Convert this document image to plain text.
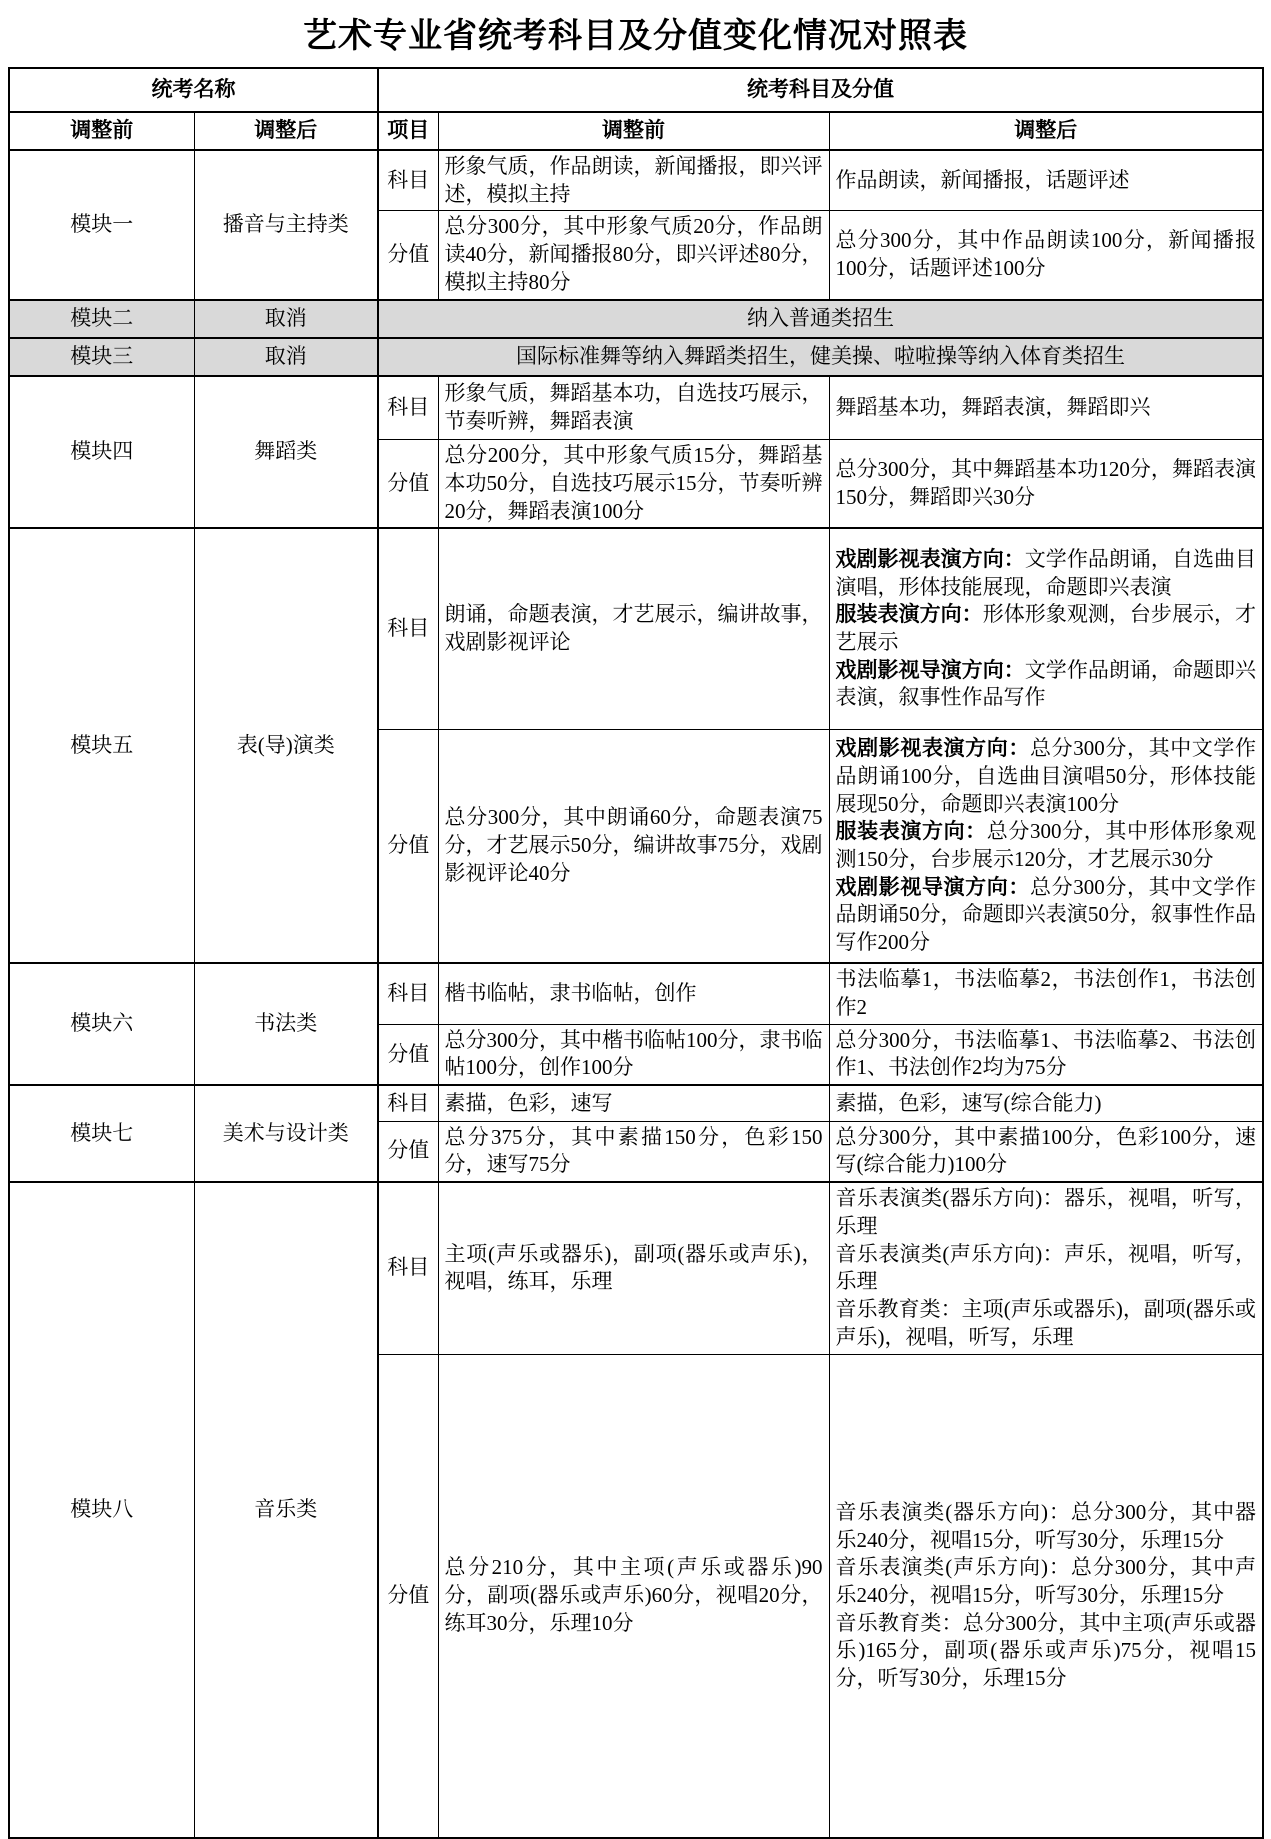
艺术专业省统考科目及分值变化情况对照表
统考名称		统考科目及分值		
调整前	调整后	项目	调整前	调整后
模块一	播音与主持类	科目	形象气质，作品朗读，新闻播报，即兴评述，模拟主持	作品朗读，新闻播报，话题评述
		分值	总分300分，其中形象气质20分，作品朗读40分，新闻播报80分，即兴评述80分，模拟主持80分	总分300分，其中作品朗读100分，新闻播报100分，话题评述100分
模块二	取消	纳入普通类招生		
模块三	取消	国际标准舞等纳入舞蹈类招生，健美操、啦啦操等纳入体育类招生		
模块四	舞蹈类	科目	形象气质，舞蹈基本功，自选技巧展示，节奏听辨，舞蹈表演	舞蹈基本功，舞蹈表演，舞蹈即兴
		分值	总分200分，其中形象气质15分，舞蹈基本功50分，自选技巧展示15分，节奏听辨20分，舞蹈表演100分	总分300分，其中舞蹈基本功120分，舞蹈表演150分，舞蹈即兴30分
模块五	表(导)演类	科目	朗诵，命题表演，才艺展示，编讲故事，戏剧影视评论	戏剧影视表演方向：文学作品朗诵，自选曲目演唱，形体技能展现，命题即兴表演

服装表演方向：形体形象观测，台步展示，才艺展示

戏剧影视导演方向：文学作品朗诵，命题即兴表演，叙事性作品写作

		分值	总分300分，其中朗诵60分，命题表演75分，才艺展示50分，编讲故事75分，戏剧影视评论40分	戏剧影视表演方向：总分300分，其中文学作品朗诵100分，自选曲目演唱50分，形体技能展现50分，命题即兴表演100分

服装表演方向：总分300分，其中形体形象观测150分，台步展示120分，才艺展示30分

戏剧影视导演方向：总分300分，其中文学作品朗诵50分，命题即兴表演50分，叙事性作品写作200分

模块六	书法类	科目	楷书临帖，隶书临帖，创作	书法临摹1，书法临摹2，书法创作1，书法创作2
		分值	总分300分，其中楷书临帖100分，隶书临帖100分，创作100分	总分300分，书法临摹1、书法临摹2、书法创作1、书法创作2均为75分
模块七	美术与设计类	科目	素描，色彩，速写	素描，色彩，速写(综合能力)
		分值	总分375分，其中素描150分，色彩150分，速写75分	总分300分，其中素描100分，色彩100分，速写(综合能力)100分
模块八	音乐类	科目	主项(声乐或器乐)，副项(器乐或声乐)，视唱，练耳，乐理	音乐表演类(器乐方向)：器乐，视唱，听写，乐理

音乐表演类(声乐方向)：声乐，视唱，听写，乐理

音乐教育类：主项(声乐或器乐)，副项(器乐或声乐)，视唱，听写，乐理

		分值	总分210分，其中主项(声乐或器乐)90分，副项(器乐或声乐)60分，视唱20分，练耳30分，乐理10分	音乐表演类(器乐方向)：总分300分，其中器乐240分，视唱15分，听写30分，乐理15分

音乐表演类(声乐方向)：总分300分，其中声乐240分，视唱15分，听写30分，乐理15分

音乐教育类：总分300分，其中主项(声乐或器乐)165分，副项(器乐或声乐)75分，视唱15分，听写30分，乐理15分
